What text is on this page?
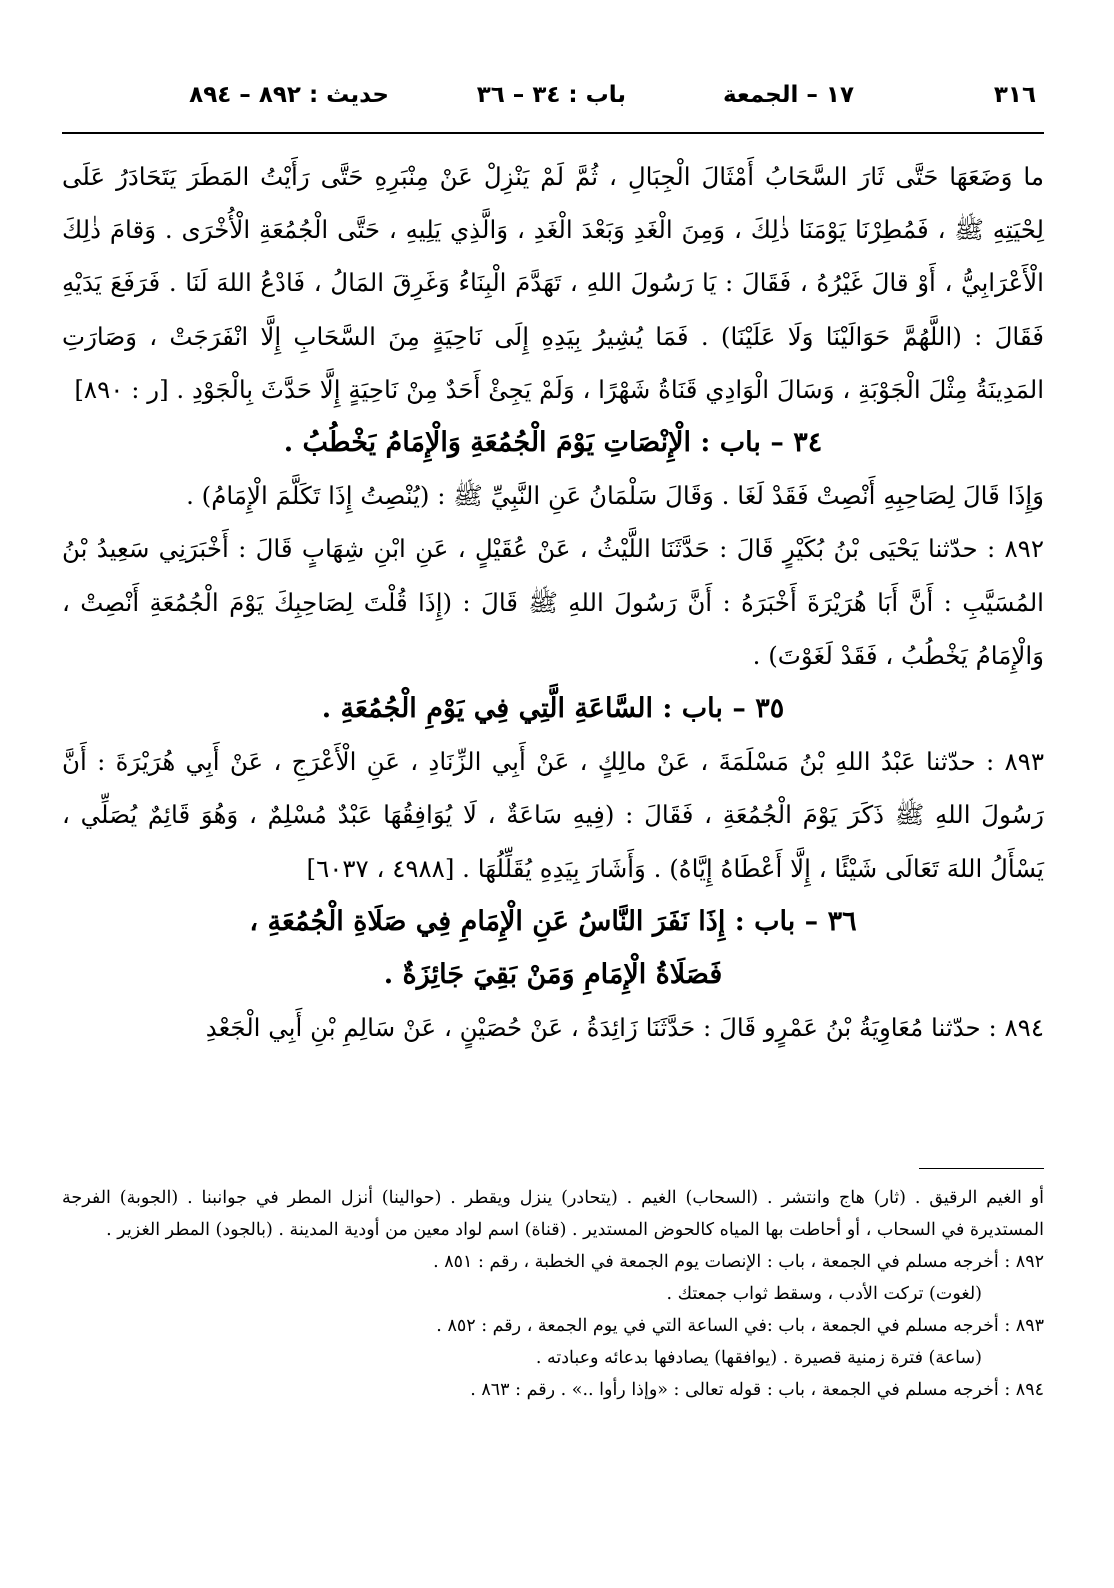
٣١٦
١٧ – الجمعة
باب : ٣٤ – ٣٦
حديث : ٨٩٢ – ٨٩٤

ما وَضَعَهَا حَتَّى ثَارَ السَّحَابُ أَمْثَالَ الْجِبَالِ ، ثُمَّ لَمْ يَنْزِلْ عَنْ مِنْبَرِهِ حَتَّى رَأَيْتُ المَطَرَ يَتَحَادَرُ عَلَى لِحْيَتِهِ ﷺ ، فَمُطِرْنَا يَوْمَنَا ذٰلِكَ ، وَمِنَ الْغَدِ وَبَعْدَ الْغَدِ ، وَالَّذِي يَلِيهِ ، حَتَّى الْجُمُعَةِ الْأُخْرَى . وَقامَ ذٰلِكَ الْأَعْرَابِيُّ ، أَوْ قالَ غَيْرُهُ ، فَقَالَ : يَا رَسُولَ اللهِ ، تَهَدَّمَ الْبِنَاءُ وَغَرِقَ المَالُ ، فَادْعُ اللهَ لَنَا . فَرَفَعَ يَدَيْهِ فَقَالَ : (اللَّهُمَّ حَوَالَيْنَا وَلَا عَلَيْنَا) . فَمَا يُشِيرُ بِيَدِهِ إِلَى نَاحِيَةٍ مِنَ السَّحَابِ إِلَّا انْفَرَجَتْ ، وَصَارَتِ المَدِينَةُ مِثْلَ الْجَوْبَةِ ، وَسَالَ الْوَادِي قَنَاةُ شَهْرًا ، وَلَمْ يَجِئْ أَحَدٌ مِنْ نَاحِيَةٍ إِلَّا حَدَّثَ بِالْجَوْدِ . [ر : ٨٩٠]

٣٤ – باب : الْإِنْصَاتِ يَوْمَ الْجُمُعَةِ وَالْإِمَامُ يَخْطُبُ .

وَإِذَا قَالَ لِصَاحِبِهِ أَنْصِتْ فَقَدْ لَغَا . وَقَالَ سَلْمَانُ عَنِ النَّبِيِّ ﷺ : (يُنْصِتُ إِذَا تَكَلَّمَ الْإِمَامُ) .

٨٩٢ : حدّثنا يَحْيَى بْنُ بُكَيْرٍ قَالَ : حَدَّثَنَا اللَّيْثُ ، عَنْ عُقَيْلٍ ، عَنِ ابْنِ شِهَابٍ قَالَ : أَخْبَرَنِي سَعِيدُ بْنُ المُسَيَّبِ : أَنَّ أَبَا هُرَيْرَةَ أَخْبَرَهُ : أَنَّ رَسُولَ اللهِ ﷺ قَالَ : (إِذَا قُلْتَ لِصَاحِبِكَ يَوْمَ الْجُمُعَةِ أَنْصِتْ ، وَالْإِمَامُ يَخْطُبُ ، فَقَدْ لَغَوْتَ) .

٣٥ – باب : السَّاعَةِ الَّتِي فِي يَوْمِ الْجُمُعَةِ .

٨٩٣ : حدّثنا عَبْدُ اللهِ بْنُ مَسْلَمَةَ ، عَنْ مالِكٍ ، عَنْ أَبِي الزِّنَادِ ، عَنِ الْأَعْرَجِ ، عَنْ أَبِي هُرَيْرَةَ : أَنَّ رَسُولَ اللهِ ﷺ ذَكَرَ يَوْمَ الْجُمُعَةِ ، فَقَالَ : (فِيهِ سَاعَةٌ ، لَا يُوَافِقُهَا عَبْدٌ مُسْلِمٌ ، وَهُوَ قَائِمٌ يُصَلِّي ، يَسْأَلُ اللهَ تَعَالَى شَيْئًا ، إِلَّا أَعْطَاهُ إِيَّاهُ) . وَأَشَارَ بِيَدِهِ يُقَلِّلُهَا . [٤٩٨٨ ، ٦٠٣٧]

٣٦ – باب : إِذَا نَفَرَ النَّاسُ عَنِ الْإِمَامِ فِي صَلَاةِ الْجُمُعَةِ ،

فَصَلَاةُ الْإِمَامِ وَمَنْ بَقِيَ جَائِزَةٌ .

٨٩٤ : حدّثنا مُعَاوِيَةُ بْنُ عَمْرٍو قَالَ : حَدَّثَنَا زَائِدَةُ ، عَنْ حُصَيْنٍ ، عَنْ سَالِمِ بْنِ أَبِي الْجَعْدِ

أو الغيم الرقيق . (ثار) هاج وانتشر . (السحاب) الغيم . (يتحادر) ينزل ويقطر . (حوالينا) أنزل المطر في جوانبنا . (الجوبة) الفرجة المستديرة في السحاب ، أو أحاطت بها المياه كالحوض المستدير . (قناة) اسم لواد معين من أودية المدينة . (بالجود) المطر الغزير .

٨٩٢ : أخرجه مسلم في الجمعة ، باب : الإنصات يوم الجمعة في الخطبة ، رقم : ٨٥١ .

(لغوت) تركت الأدب ، وسقط ثواب جمعتك .

٨٩٣ : أخرجه مسلم في الجمعة ، باب :في الساعة التي في يوم الجمعة ، رقم : ٨٥٢ .

(ساعة) فترة زمنية قصيرة . (يوافقها) يصادفها بدعائه وعبادته .

٨٩٤ : أخرجه مسلم في الجمعة ، باب : قوله تعالى : «وإذا رأوا ..» . رقم : ٨٦٣ .
